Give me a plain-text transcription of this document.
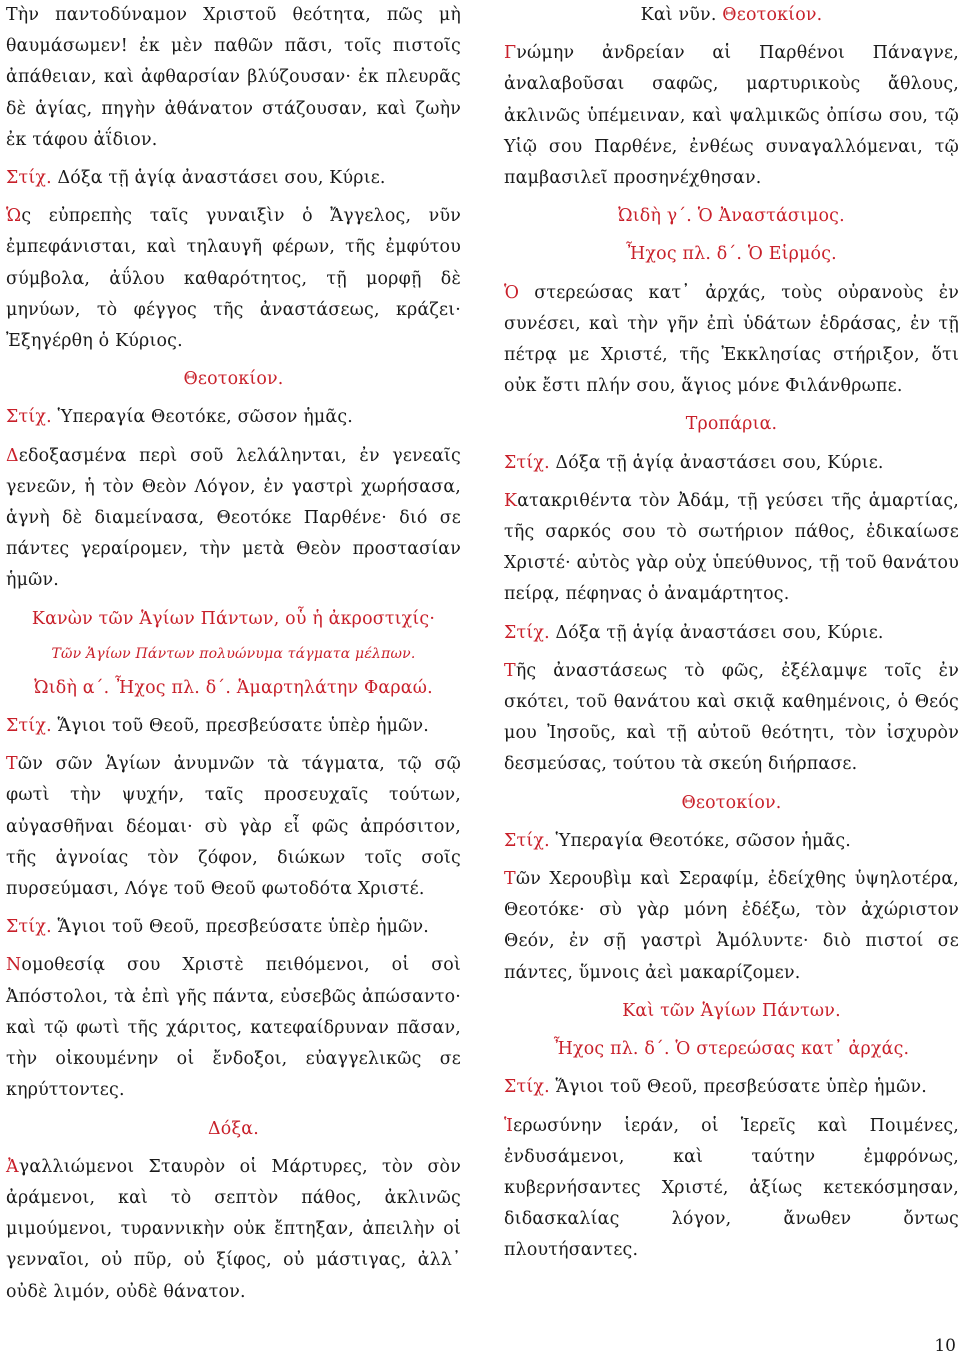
Τὴν παντοδύναμον Χριστοῦ θεότητα, πῶς μὴ θαυμάσωμεν! ἐκ μὲν παθῶν πᾶσι, τοῖς πιστοῖς ἀπάθειαν, καὶ ἀφθαρσίαν βλύζουσαν· ἐκ πλευρᾶς δὲ ἁγίας, πηγὴν ἀθάνατον στάζουσαν, καὶ ζωὴν ἐκ τάφου ἀΐδιον.

Στίχ. Δόξα τῇ ἁγίᾳ ἀναστάσει σου, Κύριε.

Ὡς εὐπρεπὴς ταῖς γυναιξὶν ὁ Ἄγγελος, νῦν ἐμπεφάνισται, καὶ τηλαυγῆ φέρων, τῆς ἐμφύτου σύμβολα, ἀΰλου καθαρότητος, τῇ μορφῇ δὲ μηνύων, τὸ φέγγος τῆς ἀναστάσεως, κράζει· Ἐξηγέρθη ὁ Κύριος.

Θεοτοκίον.

Στίχ. Ὑπεραγία Θεοτόκε, σῶσον ἡμᾶς.

Δεδοξασμένα περὶ σοῦ λελάληνται, ἐν γενεαῖς γενεῶν, ἡ τὸν Θεὸν Λόγον, ἐν γαστρὶ χωρήσασα, ἁγνὴ δὲ διαμείνασα, Θεοτόκε Παρθένε· διό σε πάντες γεραίρομεν, τὴν μετὰ Θεὸν προστασίαν ἡμῶν.

Κανὼν τῶν Ἁγίων Πάντων, οὗ ἡ ἀκροστιχίς·

Τῶν Ἁγίων Πάντων πολυώνυμα τάγματα μέλπων.

Ὠιδὴ α΄. Ἦχος πλ. δ΄. Ἁμαρτηλάτην Φαραώ.

Στίχ. Ἅγιοι τοῦ Θεοῦ, πρεσβεύσατε ὑπὲρ ἡμῶν.

Τῶν σῶν Ἁγίων ἀνυμνῶν τὰ τάγματα, τῷ σῷ φωτὶ τὴν ψυχήν, ταῖς προσευχαῖς τούτων, αὐγασθῆναι δέομαι· σὺ γὰρ εἶ φῶς ἀπρόσιτον, τῆς ἀγνοίας τὸν ζόφον, διώκων τοῖς σοῖς πυρσεύμασι, Λόγε τοῦ Θεοῦ φωτοδότα Χριστέ.

Στίχ. Ἅγιοι τοῦ Θεοῦ, πρεσβεύσατε ὑπὲρ ἡμῶν.

Νομοθεσίᾳ σου Χριστὲ πειθόμενοι, οἱ σοὶ Ἀπόστολοι, τὰ ἐπὶ γῆς πάντα, εὐσεβῶς ἀπώσαντο· καὶ τῷ φωτὶ τῆς χάριτος, κατεφαίδρυναν πᾶσαν, τὴν οἰκουμένην οἱ ἔνδοξοι, εὐαγγελικῶς σε κηρύττοντες.

Δόξα.

Ἀγαλλιώμενοι Σταυρὸν οἱ Μάρτυρες, τὸν σὸν ἀράμενοι, καὶ τὸ σεπτὸν πάθος, ἀκλινῶς μιμούμενοι, τυραννικὴν οὐκ ἔπτηξαν, ἀπειλὴν οἱ γενναῖοι, οὐ πῦρ, οὐ ξίφος, οὐ μάστιγας, ἀλλ᾽ οὐδὲ λιμόν, οὐδὲ θάνατον.

Καὶ νῦν. Θεοτοκίον.

Γνώμην ἀνδρείαν αἱ Παρθένοι Πάναγνε, ἀναλαβοῦσαι σαφῶς, μαρτυρικοὺς ἄθλους, ἀκλινῶς ὑπέμειναν, καὶ ψαλμικῶς ὀπίσω σου, τῷ Υἱῷ σου Παρθένε, ἐνθέως συναγαλλόμεναι, τῷ παμβασιλεῖ προσηνέχθησαν.

Ὠιδὴ γ΄. Ὁ Ἀναστάσιμος.

Ἦχος πλ. δ΄. Ὁ Εἱρμός.

Ὁ στερεώσας κατ᾽ ἀρχάς, τοὺς οὐρανοὺς ἐν συνέσει, καὶ τὴν γῆν ἐπὶ ὑδάτων ἑδράσας, ἐν τῇ πέτρᾳ με Χριστέ, τῆς Ἐκκλησίας στήριξον, ὅτι οὐκ ἔστι πλήν σου, ἅγιος μόνε Φιλάνθρωπε.

Τροπάρια.

Στίχ. Δόξα τῇ ἁγίᾳ ἀναστάσει σου, Κύριε.

Κατακριθέντα τὸν Ἀδάμ, τῇ γεύσει τῆς ἁμαρτίας, τῆς σαρκός σου τὸ σωτήριον πάθος, ἐδικαίωσε Χριστέ· αὐτὸς γὰρ οὐχ ὑπεύθυνος, τῇ τοῦ θανάτου πείρᾳ, πέφηνας ὁ ἀναμάρτητος.

Στίχ. Δόξα τῇ ἁγίᾳ ἀναστάσει σου, Κύριε.

Τῆς ἀναστάσεως τὸ φῶς, ἐξέλαμψε τοῖς ἐν σκότει, τοῦ θανάτου καὶ σκιᾷ καθημένοις, ὁ Θεός μου Ἰησοῦς, καὶ τῇ αὐτοῦ θεότητι, τὸν ἰσχυρὸν δεσμεύσας, τούτου τὰ σκεύη διήρπασε.

Θεοτοκίον.

Στίχ. Ὑπεραγία Θεοτόκε, σῶσον ἡμᾶς.

Τῶν Χερουβὶμ καὶ Σεραφίμ, ἐδείχθης ὑψηλοτέρα, Θεοτόκε· σὺ γὰρ μόνη ἐδέξω, τὸν ἀχώριστον Θεόν, ἐν σῇ γαστρὶ Ἀμόλυντε· διὸ πιστοί σε πάντες, ὕμνοις ἀεὶ μακαρίζομεν.

Καὶ τῶν Ἁγίων Πάντων.

Ἦχος πλ. δ΄. Ὁ στερεώσας κατ᾽ ἀρχάς.

Στίχ. Ἅγιοι τοῦ Θεοῦ, πρεσβεύσατε ὑπὲρ ἡμῶν.

Ἱερωσύνην ἱεράν, οἱ Ἱερεῖς καὶ Ποιμένες, ἐνδυσάμενοι, καὶ ταύτην ἐμφρόνως, κυβερνήσαντες Χριστέ, ἀξίως κετεκόσμησαν, διδασκαλίας λόγον, ἄνωθεν ὄντως πλουτήσαντες.

10
